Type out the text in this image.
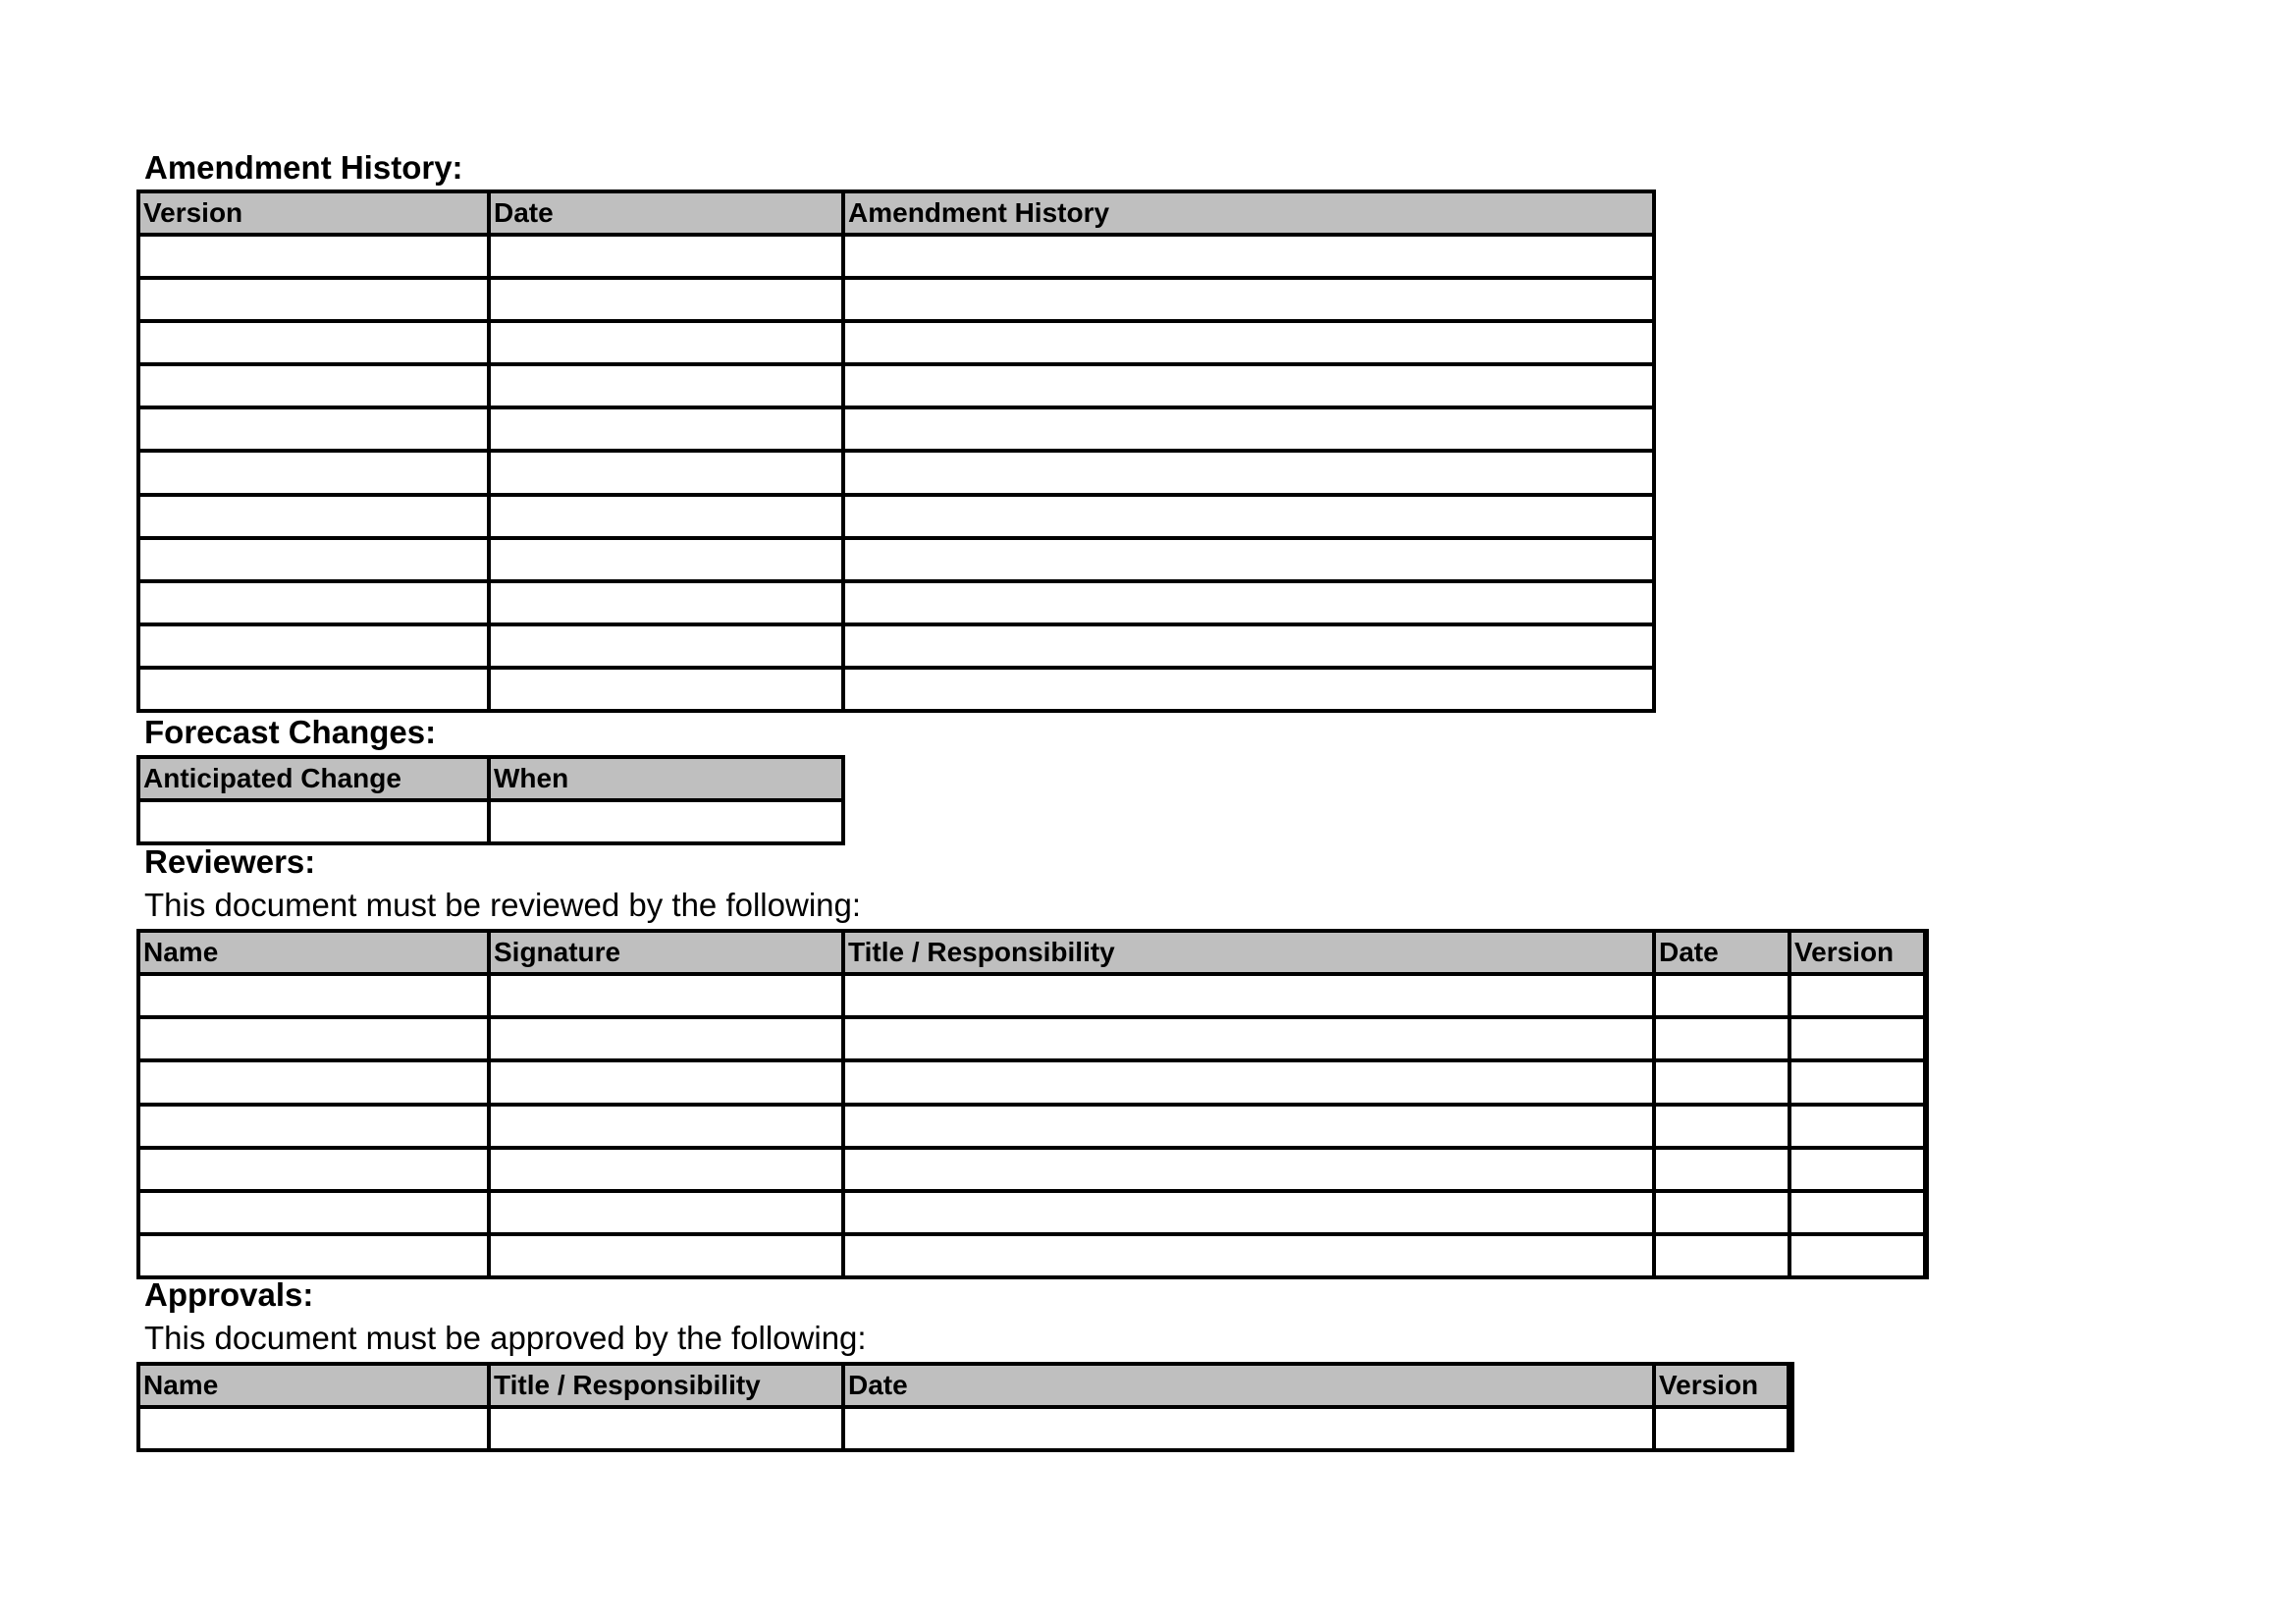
Amendment History:
Version	Date	Amendment History
Forecast Changes:
Anticipated Change	When
Reviewers:
This document must be reviewed by the following:
Name	Signature	Title / Responsibility	Date	Version
Approvals:
This document must be approved by the following:
Name	Title / Responsibility	Date	Version
